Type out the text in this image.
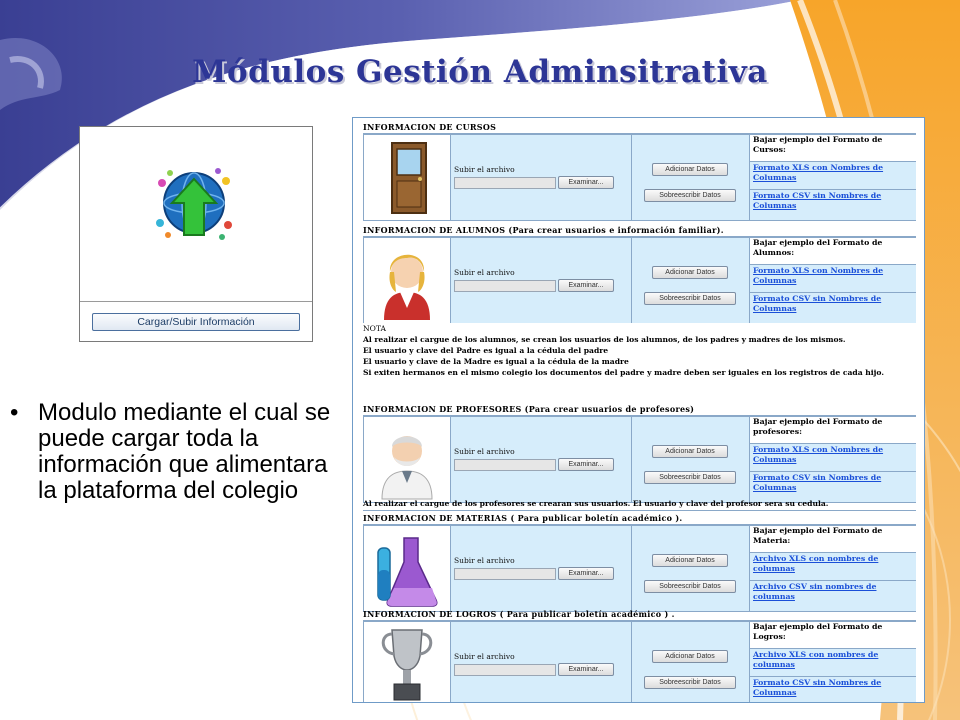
Módulos Gestión Adminsitrativa
Cargar/Subir Información
• Modulo mediante el cual se puede cargar toda la información que alimentara la plataforma del colegio
INFORMACION DE CURSOS
Subir el archivo
Examinar...
Adicionar Datos
Sobreescribir Datos
Bajar ejemplo del Formato de Cursos:
Formato XLS con Nombres de Columnas
Formato CSV sin Nombres de Columnas
INFORMACION DE ALUMNOS (Para crear usuarios e información familiar).
Subir el archivo
Examinar...
Adicionar Datos
Sobreescribir Datos
Bajar ejemplo del Formato de Alumnos:
Formato XLS con Nombres de Columnas
Formato CSV sin Nombres de Columnas
NOTA
Al realizar el cargue de los alumnos, se crean los usuarios de los alumnos, de los padres y madres de los mismos.
El usuario y clave del Padre es igual a la cédula del padre
El usuario y clave de la Madre es igual a la cédula de la madre
Si exiten hermanos en el mismo colegio los documentos del padre y madre deben ser iguales en los registros de cada hijo.
INFORMACION DE PROFESORES (Para crear usuarios de profesores)
Subir el archivo
Examinar...
Adicionar Datos
Sobreescribir Datos
Bajar ejemplo del Formato de profesores:
Formato XLS con Nombres de Columnas
Formato CSV sin Nombres de Columnas
Al realizar el cargue de los profesores se crearan sus usuarios. El usuario y clave del profesor sera su cedula.
INFORMACION DE MATERIAS ( Para publicar boletín académico ).
Subir el archivo
Examinar...
Adicionar Datos
Sobreescribir Datos
Bajar ejemplo del Formato de Materia:
Archivo XLS con nombres de columnas
Archivo CSV sin nombres de columnas
INFORMACION DE LOGROS ( Para publicar boletín académico ) .
Subir el archivo
Examinar...
Adicionar Datos
Sobreescribir Datos
Bajar ejemplo del Formato de Logros:
Archivo XLS con nombres de columnas
Formato CSV sin Nombres de Columnas
